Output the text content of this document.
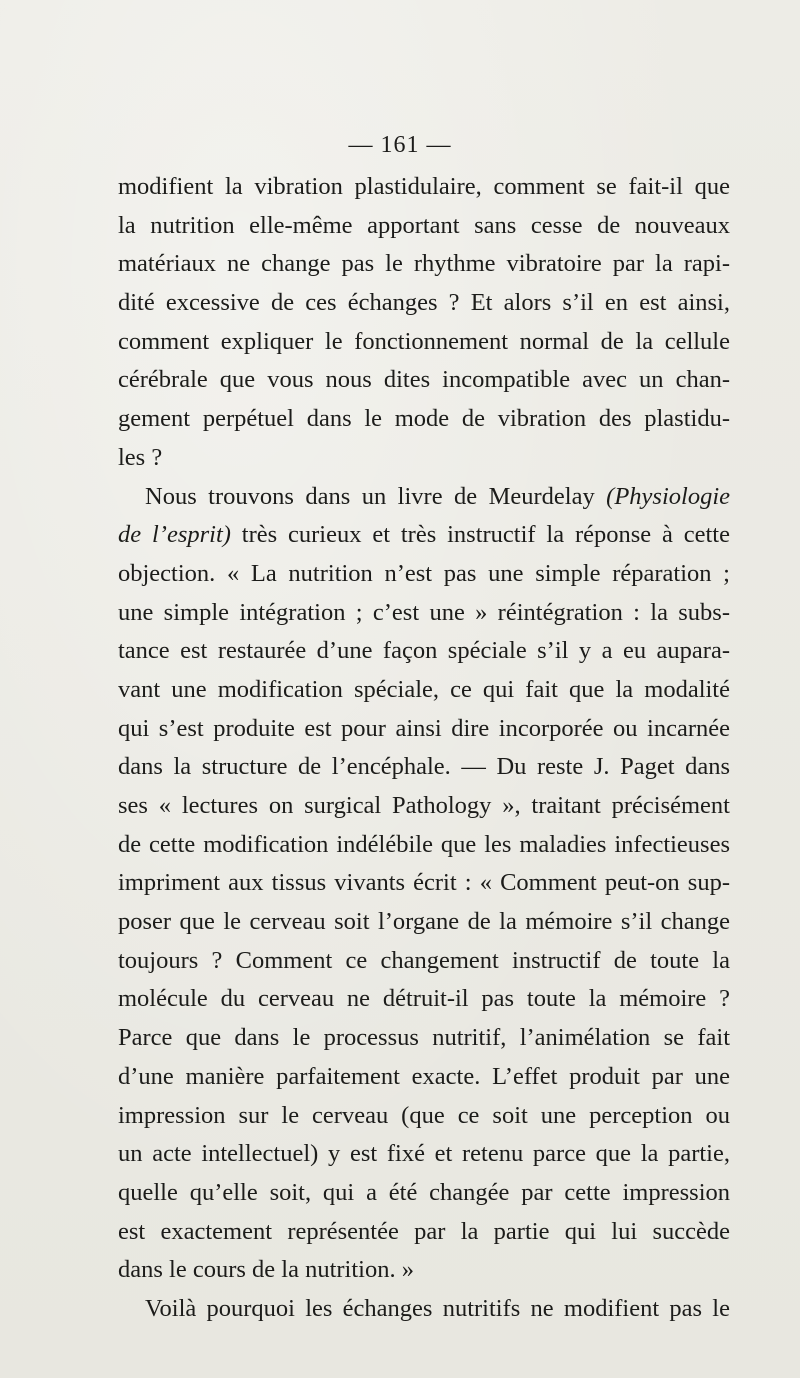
— 161 —
modifient la vibration plastidulaire, comment se fait-il que
la nutrition elle-même apportant sans cesse de nouveaux
matériaux ne change pas le rhythme vibratoire par la rapi-
dité excessive de ces échanges ? Et alors s’il en est ainsi,
comment expliquer le fonctionnement normal de la cellule
cérébrale que vous nous dites incompatible avec un chan-
gement perpétuel dans le mode de vibration des plastidu-
les ?
Nous trouvons dans un livre de Meurdelay (Physiologie
de l’esprit) très curieux et très instructif la réponse à cette
objection. « La nutrition n’est pas une simple réparation ;
une simple intégration ; c’est une » réintégration : la subs-
tance est restaurée d’une façon spéciale s’il y a eu aupara-
vant une modification spéciale, ce qui fait que la modalité
qui s’est produite est pour ainsi dire incorporée ou incarnée
dans la structure de l’encéphale. — Du reste J. Paget dans
ses « lectures on surgical Pathology », traitant précisément
de cette modification indélébile que les maladies infectieuses
impriment aux tissus vivants écrit : « Comment peut-on sup-
poser que le cerveau soit l’organe de la mémoire s’il change
toujours ? Comment ce changement instructif de toute la
molécule du cerveau ne détruit-il pas toute la mémoire ?
Parce que dans le processus nutritif, l’animélation se fait
d’une manière parfaitement exacte. L’effet produit par une
impression sur le cerveau (que ce soit une perception ou
un acte intellectuel) y est fixé et retenu parce que la partie,
quelle qu’elle soit, qui a été changée par cette impression
est exactement représentée par la partie qui lui succède
dans le cours de la nutrition. »
Voilà pourquoi les échanges nutritifs ne modifient pas le
